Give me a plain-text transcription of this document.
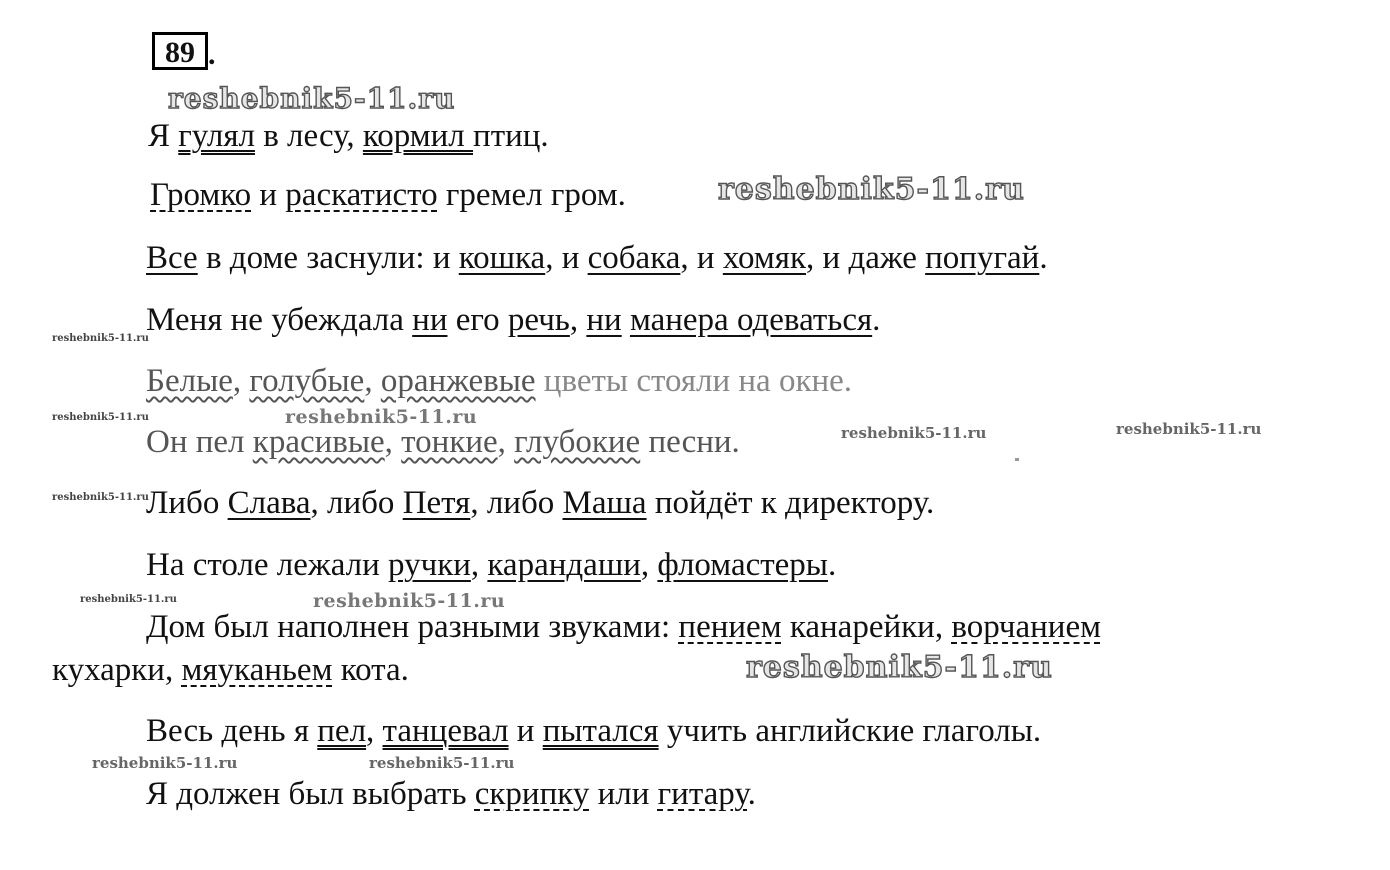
89 .
Я гулял в лесу, кормил птиц.
Громко и раскатисто гремел гром.
Все в доме заснули: и кошка, и собака, и хомяк, и даже попугай.
Меня не убеждала ни его речь, ни манера одеваться.
Белые, голубые, оранжевые цветы стояли на окне.
Он пел красивые, тонкие, глубокие песни.
Либо Слава, либо Петя, либо Маша пойдёт к директору.
На столе лежали ручки, карандаши, фломастеры.
Дом был наполнен разными звуками: пением канарейки, ворчанием
кухарки, мяуканьем кота.
Весь день я пел, танцевал и пытался учить английские глаголы.
Я должен был выбрать скрипку или гитару.
reshebnik5-11.ru
reshebnik5-11.ru
reshebnik5-11.ru
reshebnik5-11.ru
reshebnik5-11.ru
reshebnik5-11.ru	reshebnik5-11.ru
reshebnik5-11.ru	reshebnik5-11.ru
reshebnik5-11.ru
reshebnik5-11.ru
reshebnik5-11.ru
reshebnik5-11.ru
